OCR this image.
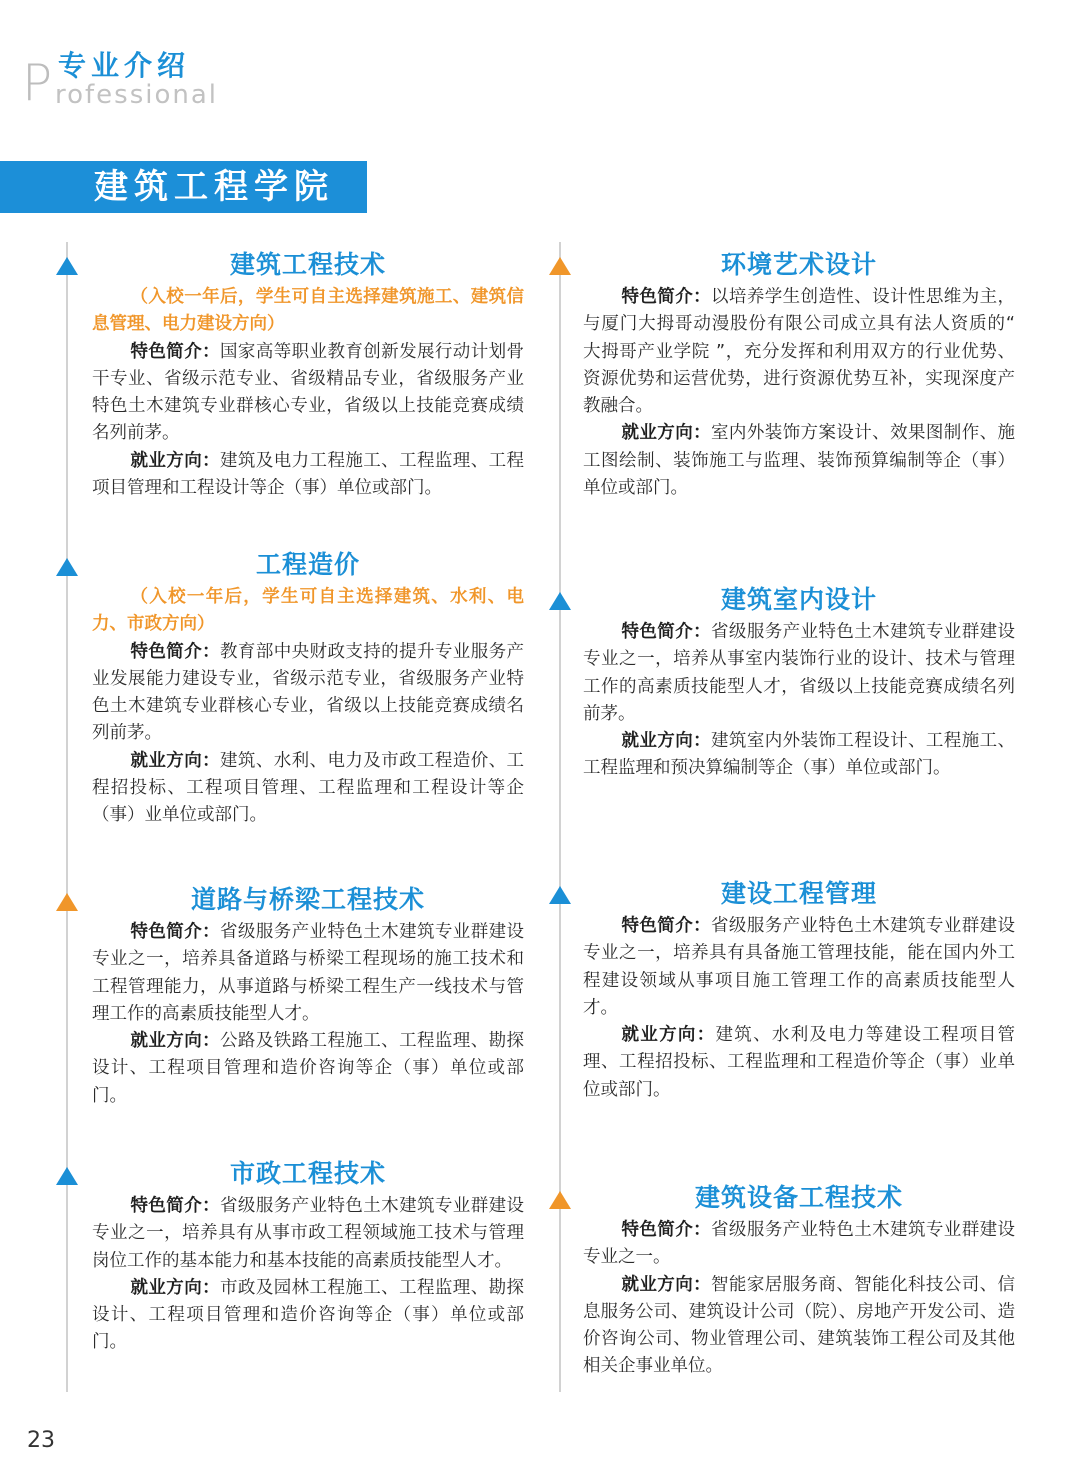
P 专业介绍
rofessional
建筑工程学院
建筑工程技术

（入校一年后，学生可自主选择建筑施工、建筑信息管理、电力建设方向）

特色简介：国家高等职业教育创新发展行动计划骨干专业、省级示范专业、省级精品专业，省级服务产业特色土木建筑专业群核心专业，省级以上技能竞赛成绩名列前茅。

就业方向：建筑及电力工程施工、工程监理、工程项目管理和工程设计等企（事）单位或部门。

环境艺术设计

特色简介：以培养学生创造性、设计性思维为主，与厦门大拇哥动漫股份有限公司成立具有法人资质的“ 大拇哥产业学院 ”，充分发挥和利用双方的行业优势、资源优势和运营优势，进行资源优势互补，实现深度产教融合。

就业方向：室内外装饰方案设计、效果图制作、施工图绘制、装饰施工与监理、装饰预算编制等企（事）单位或部门。

工程造价

（入校一年后，学生可自主选择建筑、水利、电力、市政方向）

特色简介：教育部中央财政支持的提升专业服务产业发展能力建设专业，省级示范专业，省级服务产业特色土木建筑专业群核心专业，省级以上技能竞赛成绩名列前茅。

就业方向：建筑、水利、电力及市政工程造价、工程招投标、工程项目管理、工程监理和工程设计等企（事）业单位或部门。

建筑室内设计

特色简介：省级服务产业特色土木建筑专业群建设专业之一，培养从事室内装饰行业的设计、技术与管理工作的高素质技能型人才，省级以上技能竞赛成绩名列前茅。

就业方向：建筑室内外装饰工程设计、工程施工、工程监理和预决算编制等企（事）单位或部门。

道路与桥梁工程技术

特色简介：省级服务产业特色土木建筑专业群建设专业之一，培养具备道路与桥梁工程现场的施工技术和工程管理能力，从事道路与桥梁工程生产一线技术与管理工作的高素质技能型人才。

就业方向：公路及铁路工程施工、工程监理、勘探设计、工程项目管理和造价咨询等企（事）单位或部门。

建设工程管理

特色简介：省级服务产业特色土木建筑专业群建设专业之一，培养具有具备施工管理技能，能在国内外工程建设领域从事项目施工管理工作的高素质技能型人才。

就业方向：建筑、水利及电力等建设工程项目管理、工程招投标、工程监理和工程造价等企（事）业单位或部门。

市政工程技术

特色简介：省级服务产业特色土木建筑专业群建设专业之一，培养具有从事市政工程领域施工技术与管理岗位工作的基本能力和基本技能的高素质技能型人才。

就业方向：市政及园林工程施工、工程监理、勘探设计、工程项目管理和造价咨询等企（事）单位或部门。

建筑设备工程技术

特色简介：省级服务产业特色土木建筑专业群建设专业之一。

就业方向：智能家居服务商、智能化科技公司、信息服务公司、建筑设计公司（院）、房地产开发公司、造价咨询公司、物业管理公司、建筑装饰工程公司及其他相关企事业单位。

23
